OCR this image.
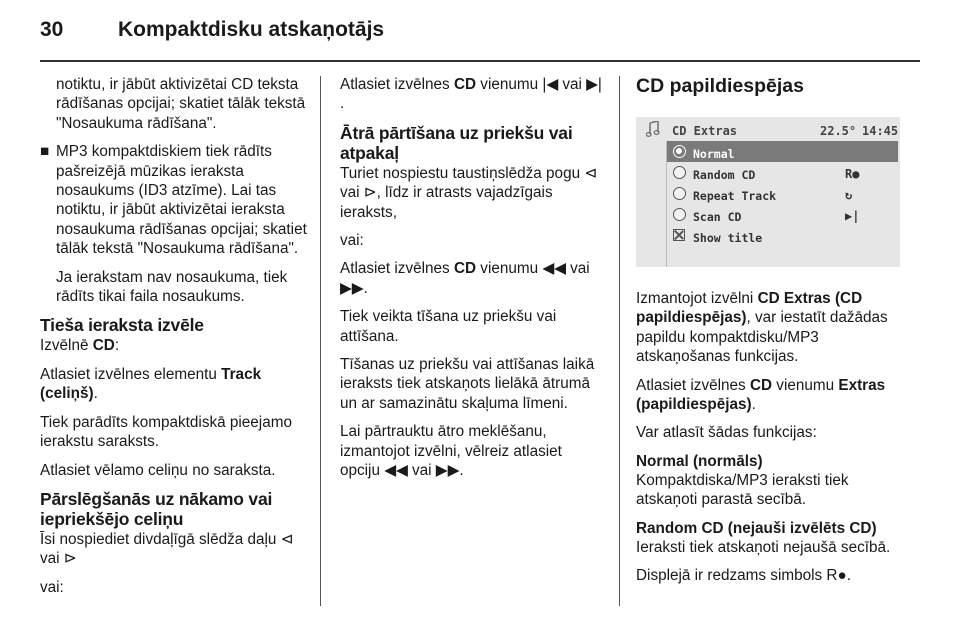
30	Kompaktdisku atskaņotājs

notiktu, ir jābūt aktivizētai CD teksta rādīšanas opcijai; skatiet tālāk tekstā "Nosaukuma rādīšana".

■ MP3 kompaktdiskiem tiek rādīts pašreizējā mūzikas ieraksta nosaukums (ID3 atzīme). Lai tas notiktu, ir jābūt aktivizētai ieraksta nosaukuma rādīšanas opcijai; skatiet tālāk tekstā "Nosaukuma rādīšana".

Ja ierakstam nav nosaukuma, tiek rādīts tikai faila nosaukums.

Tieša ieraksta izvēle

Izvēlnē CD:

Atlasiet izvēlnes elementu Track (celiņš).

Tiek parādīts kompaktdiskā pieejamo ierakstu saraksts.

Atlasiet vēlamo celiņu no saraksta.

Pārslēgšanās uz nākamo vai iepriekšējo celiņu

Īsi nospiediet divdaļīgā slēdža daļu ⊲ vai ⊳

vai:

Atlasiet izvēlnes CD vienumu |◀ vai ▶| .

Ātrā pārtīšana uz priekšu vai atpakaļ

Turiet nospiestu taustiņslēdža pogu ⊲ vai ⊳, līdz ir atrasts vajadzīgais ieraksts,

vai:

Atlasiet izvēlnes CD vienumu ◀◀ vai ▶▶.

Tiek veikta tīšana uz priekšu vai attīšana.

Tīšanas uz priekšu vai attīšanas laikā ieraksts tiek atskaņots lielākā ātrumā un ar samazinātu skaļuma līmeni.

Lai pārtrauktu ātro meklēšanu, izmantojot izvēlni, vēlreiz atlasiet opciju ◀◀ vai ▶▶.

CD papildiespējas
CD Extras	22.5° 14:45
Normal
Random CD	R●
Repeat Track	↻
Scan CD	▶|
Show title

Izmantojot izvēlni CD Extras (CD papildiespējas), var iestatīt dažādas papildu kompaktdisku/MP3 atskaņošanas funkcijas.

Atlasiet izvēlnes CD vienumu Extras (papildiespējas).

Var atlasīt šādas funkcijas:

Normal (normāls)

Kompaktdiska/MP3 ieraksti tiek atskaņoti parastā secībā.

Random CD (nejauši izvēlēts CD)

Ieraksti tiek atskaņoti nejaušā secībā.

Displejā ir redzams simbols R●.
